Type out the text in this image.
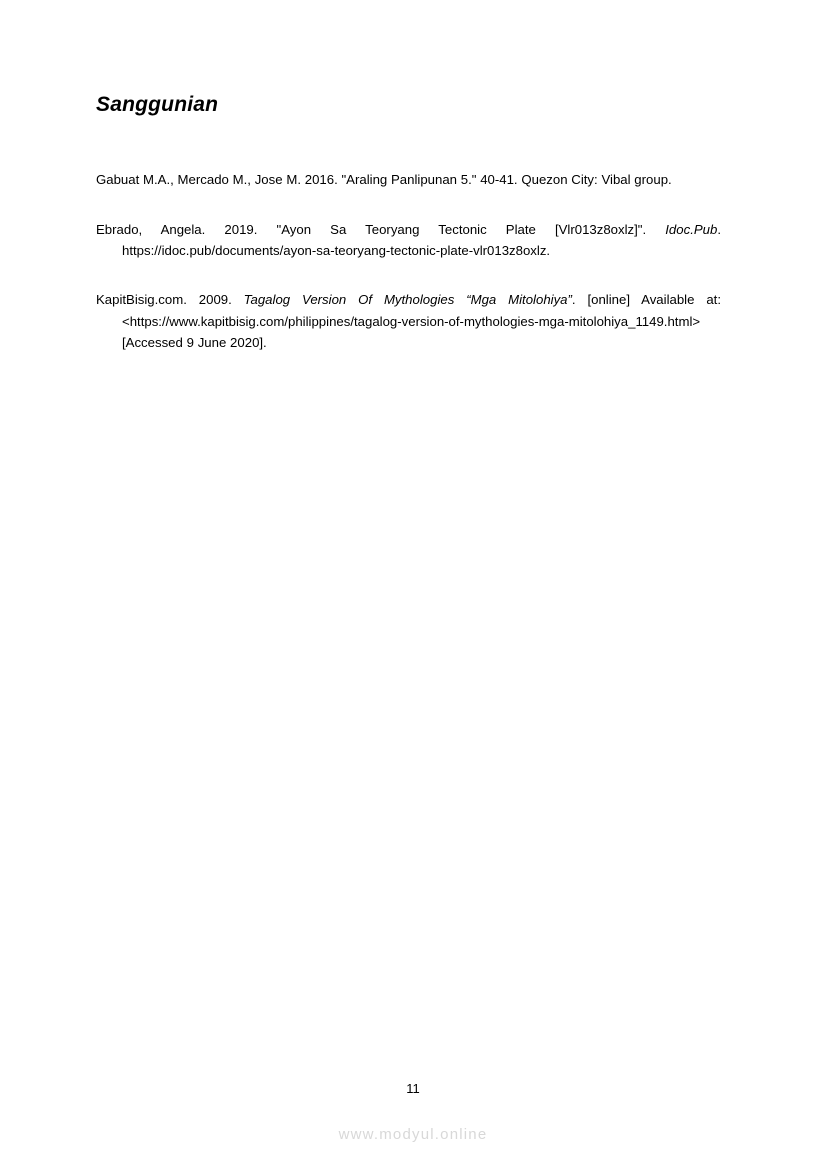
Sanggunian
Gabuat M.A., Mercado M., Jose M. 2016. "Araling Panlipunan 5." 40-41. Quezon City: Vibal group.
Ebrado, Angela. 2019. "Ayon Sa Teoryang Tectonic Plate [Vlr013z8oxlz]". Idoc.Pub. https://idoc.pub/documents/ayon-sa-teoryang-tectonic-plate-vlr013z8oxlz.
KapitBisig.com. 2009. Tagalog Version Of Mythologies “Mga Mitolohiya”. [online] Available at: <https://www.kapitbisig.com/philippines/tagalog-version-of-mythologies-mga-mitolohiya_1149.html> [Accessed 9 June 2020].
11
www.modyul.online
